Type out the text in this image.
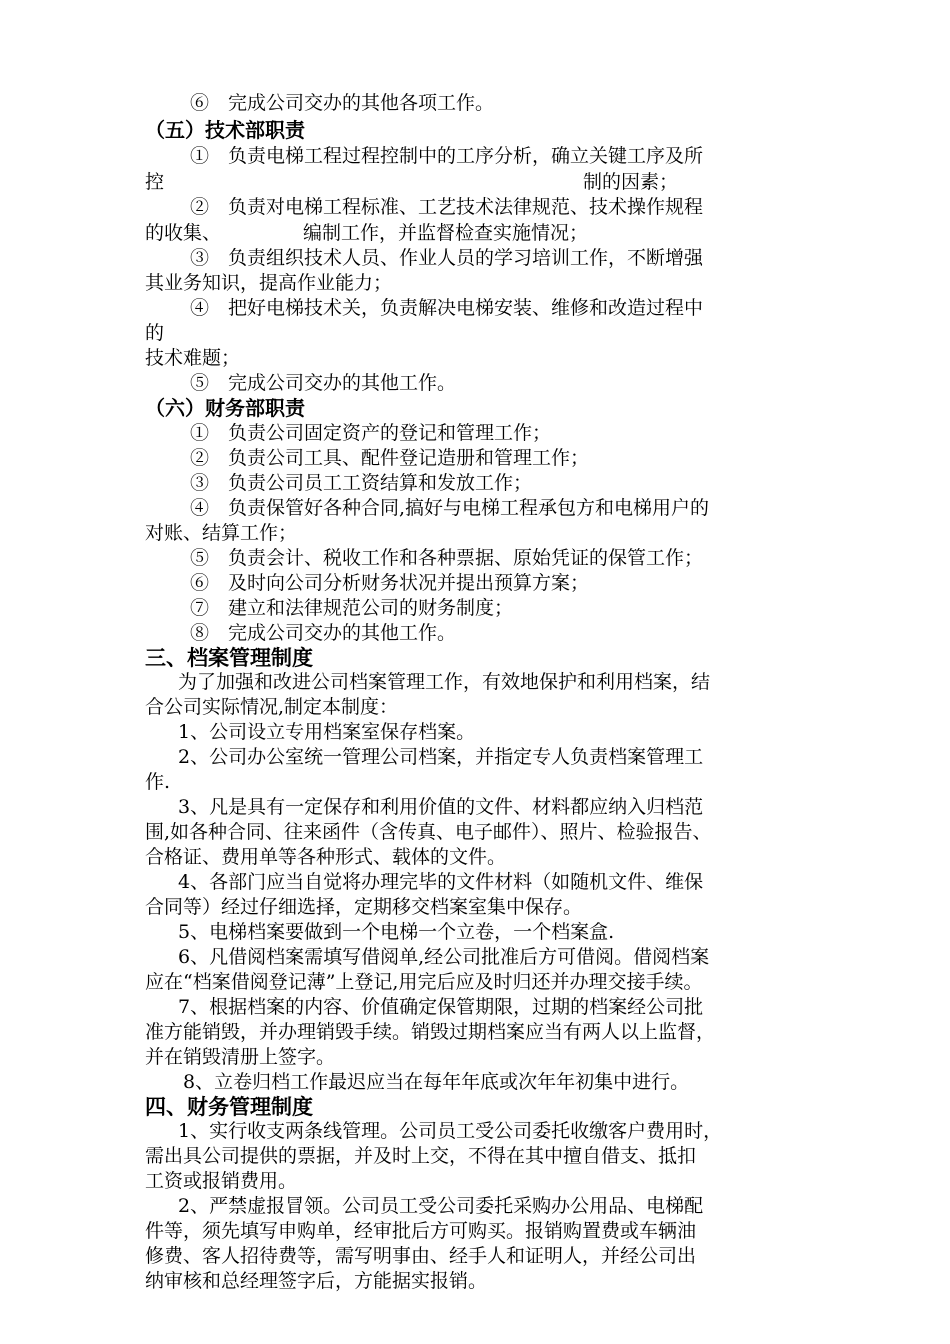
⑥　完成公司交办的其他各项工作。
（五）技术部职责
①　负责电梯工程过程控制中的工序分析，确立关键工序及所
控	制的因素；
②　负责对电梯工程标准、工艺技术法律规范、技术操作规程
的收集、	编制工作，并监督检查实施情况；
③　负责组织技术人员、作业人员的学习培训工作，不断增强
其业务知识，提高作业能力；
④　把好电梯技术关，负责解决电梯安装、维修和改造过程中
的
技术难题；
⑤　完成公司交办的其他工作。
（六）财务部职责
①　负责公司固定资产的登记和管理工作；
②　负责公司工具、配件登记造册和管理工作；
③　负责公司员工工资结算和发放工作；
④　负责保管好各种合同,搞好与电梯工程承包方和电梯用户的
对账、结算工作；
⑤　负责会计、税收工作和各种票据、原始凭证的保管工作；
⑥　及时向公司分析财务状况并提出预算方案；
⑦　建立和法律规范公司的财务制度；
⑧　完成公司交办的其他工作。
三、档案管理制度
为了加强和改进公司档案管理工作，有效地保护和利用档案，结
合公司实际情况,制定本制度：
1、公司设立专用档案室保存档案。
2、公司办公室统一管理公司档案，并指定专人负责档案管理工
作.
3、凡是具有一定保存和利用价值的文件、材料都应纳入归档范
围,如各种合同、往来函件（含传真、电子邮件）、照片、检验报告、
合格证、费用单等各种形式、载体的文件。
4、各部门应当自觉将办理完毕的文件材料（如随机文件、维保
合同等）经过仔细选择，定期移交档案室集中保存。
5、电梯档案要做到一个电梯一个立卷，一个档案盒.
6、凡借阅档案需填写借阅单,经公司批准后方可借阅。借阅档案
应在“档案借阅登记薄”上登记,用完后应及时归还并办理交接手续。
7、根据档案的内容、价值确定保管期限，过期的档案经公司批
准方能销毁，并办理销毁手续。销毁过期档案应当有两人以上监督，
并在销毁清册上签字。
8、立卷归档工作最迟应当在每年年底或次年年初集中进行。
四、财务管理制度
1、实行收支两条线管理。公司员工受公司委托收缴客户费用时，
需出具公司提供的票据，并及时上交，不得在其中擅自借支、抵扣
工资或报销费用。
2、严禁虚报冒领。公司员工受公司委托采购办公用品、电梯配
件等，须先填写申购单，经审批后方可购买。报销购置费或车辆油
修费、客人招待费等，需写明事由、经手人和证明人，并经公司出
纳审核和总经理签字后，方能据实报销。
